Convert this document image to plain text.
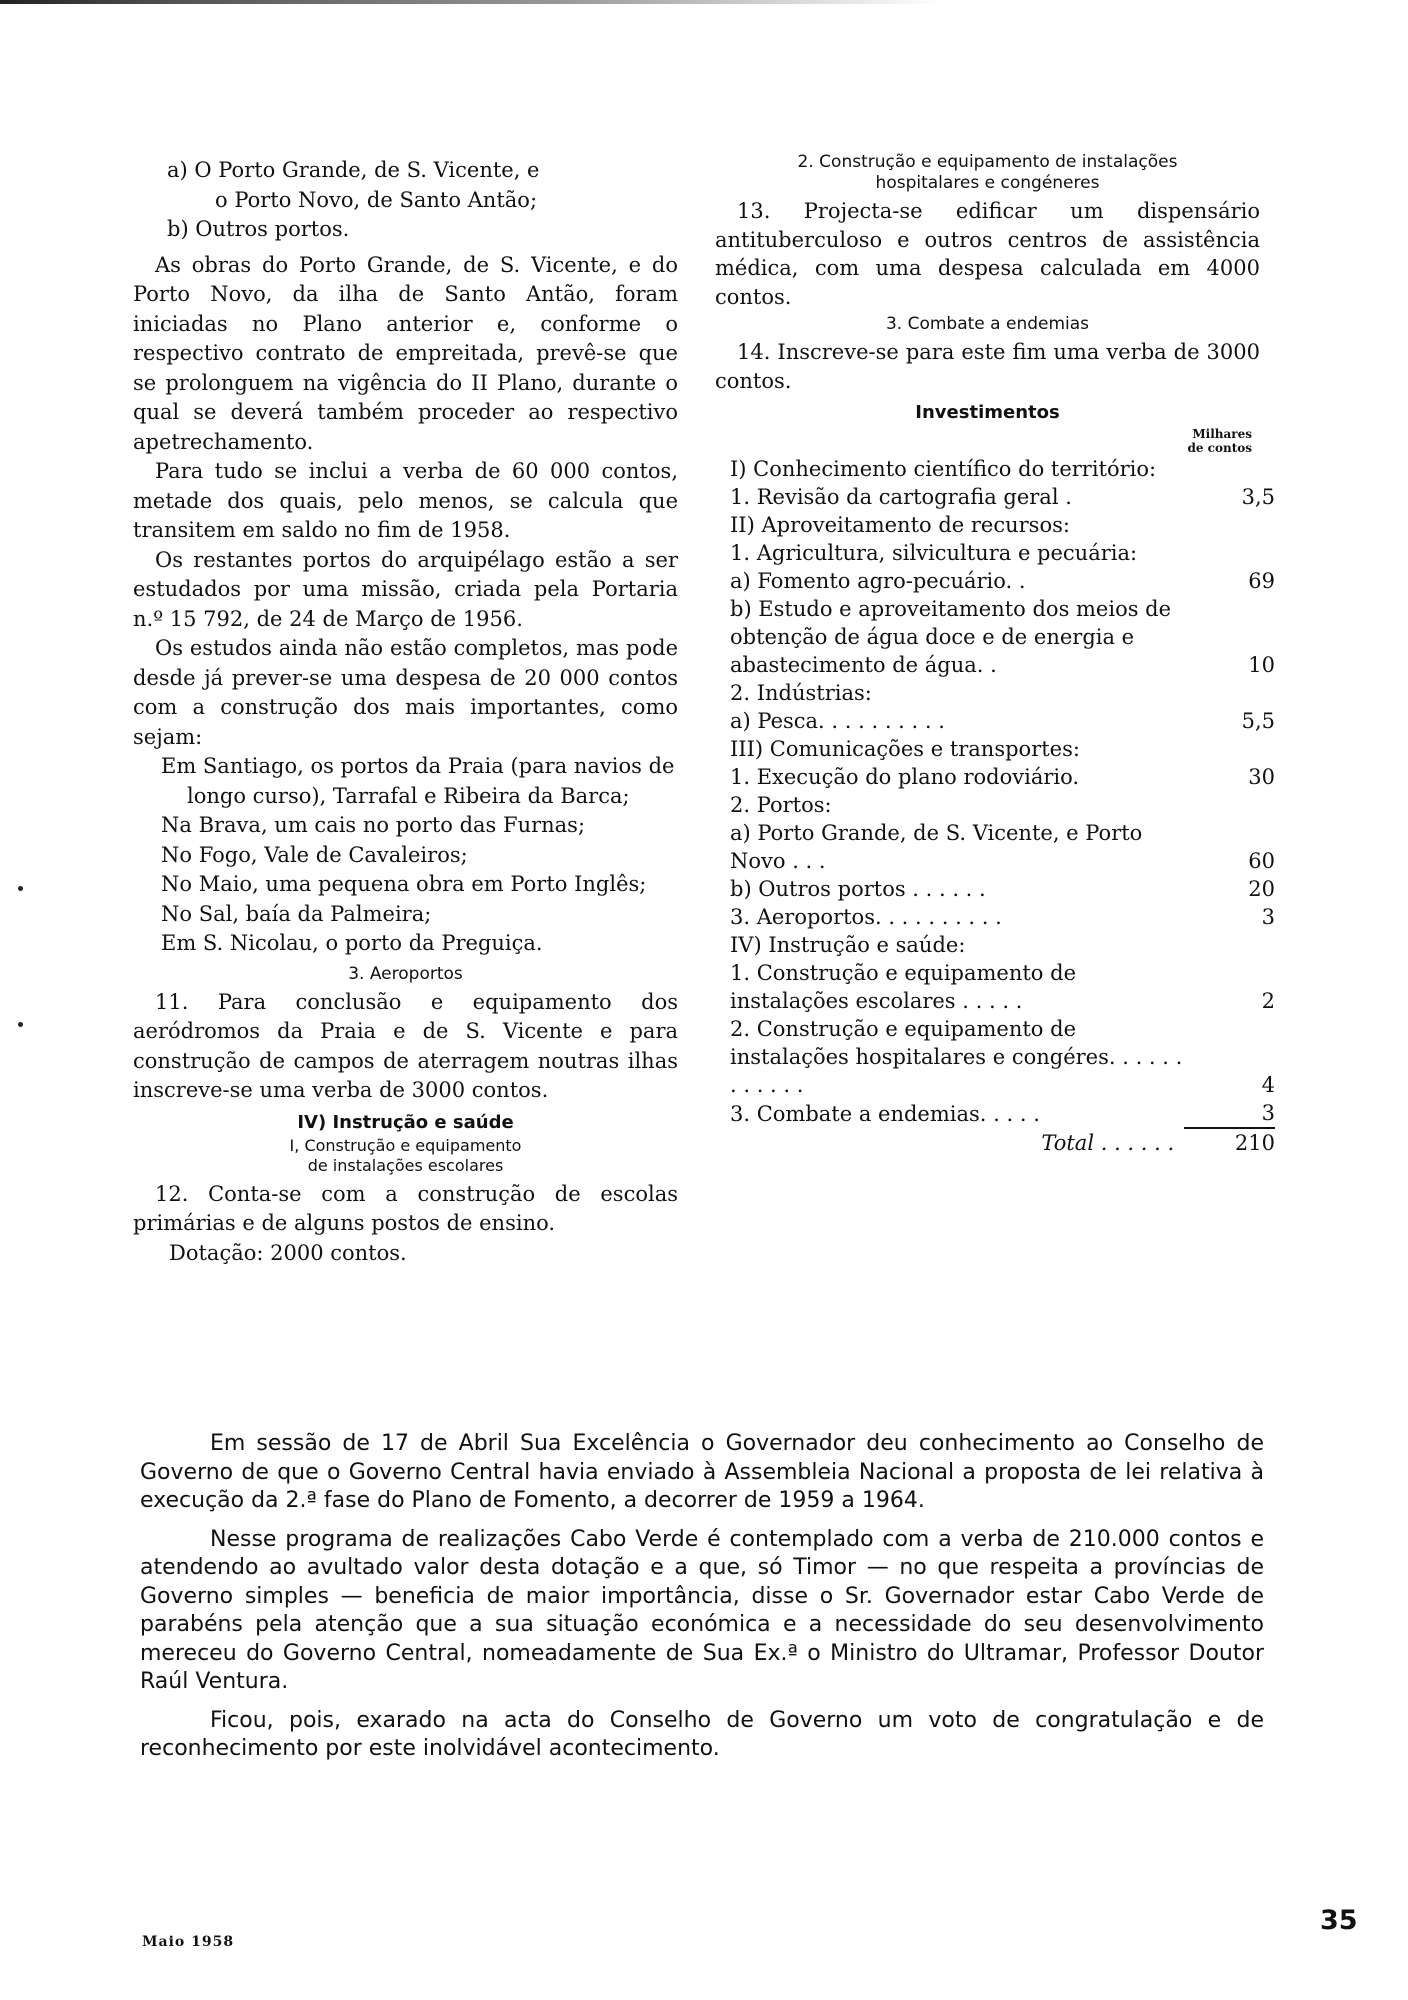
a) O Porto Grande, de S. Vicente, e
o Porto Novo, de Santo Antão;
b) Outros portos.

As obras do Porto Grande, de S. Vicente, e do Porto Novo, da ilha de Santo Antão, foram iniciadas no Plano anterior e, conforme o respectivo contrato de empreitada, prevê-se que se prolonguem na vigência do II Plano, durante o qual se deverá também proceder ao respectivo apetrechamento.

Para tudo se inclui a verba de 60 000 contos, metade dos quais, pelo menos, se calcula que transitem em saldo no fim de 1958.

Os restantes portos do arquipélago estão a ser estudados por uma missão, criada pela Portaria n.º 15 792, de 24 de Março de 1956.

Os estudos ainda não estão completos, mas pode desde já prever-se uma despesa de 20 000 contos com a construção dos mais importantes, como sejam:

Em Santiago, os portos da Praia (para navios de longo curso), Tarrafal e Ribeira da Barca;
Na Brava, um cais no porto das Furnas;
No Fogo, Vale de Cavaleiros;
No Maio, uma pequena obra em Porto Inglês;
No Sal, baía da Palmeira;
Em S. Nicolau, o porto da Preguiça.
3. Aeroportos

11. Para conclusão e equipamento dos aeródromos da Praia e de S. Vicente e para construção de campos de aterragem noutras ilhas inscreve-se uma verba de 3000 contos.

IV) Instrução e saúde
I, Construção e equipamento
de instalações escolares

12. Conta-se com a construção de escolas primárias e de alguns postos de ensino.

Dotação: 2000 contos.

2. Construção e equipamento de instalações
hospitalares e congéneres

13. Projecta-se edificar um dispensário antituberculoso e outros centros de assistência médica, com uma despesa calculada em 4000 contos.

3. Combate a endemias

14. Inscreve-se para este fim uma verba de 3000 contos.

Investimentos
Milhares
de contos
I) Conhecimento científico do território:	
1. Revisão da cartografia geral .	3,5
II) Aproveitamento de recursos:	
1. Agricultura, silvicultura e pecuária:	
a) Fomento agro-pecuário. .	69
b) Estudo e aproveitamento dos meios de obtenção de água doce e de energia e abastecimento de água. .	10
2. Indústrias:	
a) Pesca. . . . . . . . . .	5,5
III) Comunicações e transportes:	
1. Execução do plano rodoviário.	30
2. Portos:	
a) Porto Grande, de S. Vicente, e Porto Novo . . .	60
b) Outros portos . . . . . .	20
3. Aeroportos. . . . . . . . . .	3
IV) Instrução e saúde:	
1. Construção e equipamento de instalações escolares . . . . .	2
2. Construção e equipamento de instalações hospitalares e congéres. . . . . . . . . . . .	4
3. Combate a endemias. . . . .	3
Total . . . . . .	210

Em sessão de 17 de Abril Sua Excelência o Governador deu conhecimento ao Conselho de Governo de que o Governo Central havia enviado à Assembleia Nacional a proposta de lei relativa à execução da 2.ª fase do Plano de Fomento, a decorrer de 1959 a 1964.

Nesse programa de realizações Cabo Verde é contemplado com a verba de 210.000 contos e atendendo ao avultado valor desta dotação e a que, só Timor — no que respeita a províncias de Governo simples — beneficia de maior importância, disse o Sr. Governador estar Cabo Verde de parabéns pela atenção que a sua situação económica e a necessidade do seu desenvolvimento mereceu do Governo Central, nomeadamente de Sua Ex.ª o Ministro do Ultramar, Professor Doutor Raúl Ventura.

Ficou, pois, exarado na acta do Conselho de Governo um voto de congratulação e de reconhecimento por este inolvidável acontecimento.

Maio 1958
35
